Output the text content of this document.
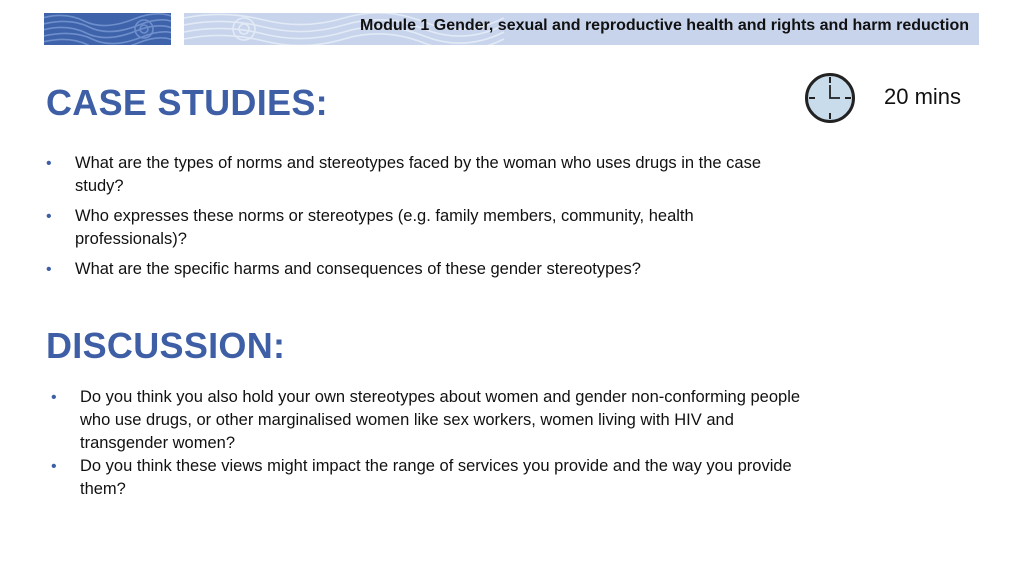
Module 1 Gender, sexual and reproductive health and rights and harm reduction
CASE STUDIES:
• What are the types of norms and stereotypes faced by the woman who uses drugs in the case study?
• Who expresses these norms or stereotypes (e.g. family members, community, health professionals)?
• What are the specific harms and consequences of these gender stereotypes?
20 mins
DISCUSSION:
• Do you think you also hold your own stereotypes about women and gender non-conforming people who use drugs, or other marginalised women like sex workers, women living with HIV and transgender women?
• Do you think these views might impact the range of services you provide and the way you provide them?
